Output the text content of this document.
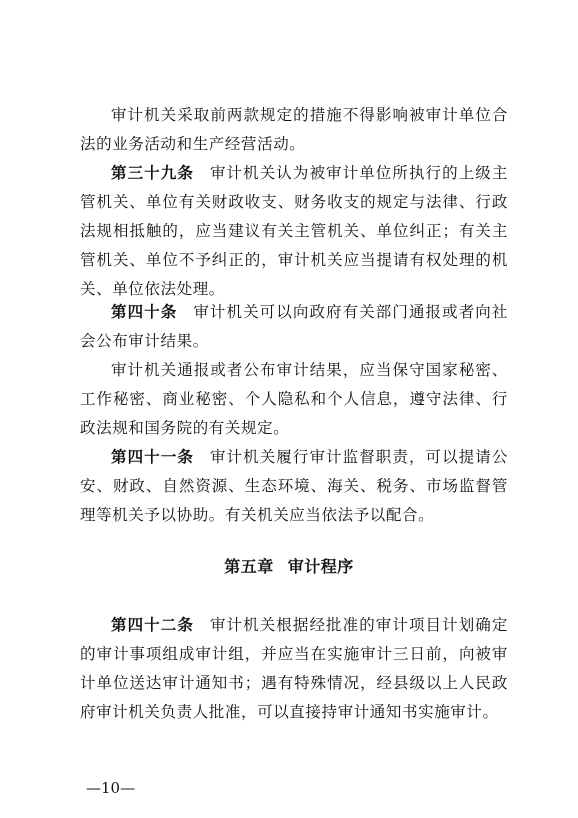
审计机关采取前两款规定的措施不得影响被审计单位合法的业务活动和生产经营活动。

第三十九条 审计机关认为被审计单位所执行的上级主管机关、单位有关财政收支、财务收支的规定与法律、行政法规相抵触的，应当建议有关主管机关、单位纠正；有关主管机关、单位不予纠正的，审计机关应当提请有权处理的机关、单位依法处理。

第四十条 审计机关可以向政府有关部门通报或者向社会公布审计结果。

审计机关通报或者公布审计结果，应当保守国家秘密、工作秘密、商业秘密、个人隐私和个人信息，遵守法律、行政法规和国务院的有关规定。

第四十一条 审计机关履行审计监督职责，可以提请公安、财政、自然资源、生态环境、海关、税务、市场监督管理等机关予以协助。有关机关应当依法予以配合。

第五章 审计程序

第四十二条 审计机关根据经批准的审计项目计划确定的审计事项组成审计组，并应当在实施审计三日前，向被审计单位送达审计通知书；遇有特殊情况，经县级以上人民政府审计机关负责人批准，可以直接持审计通知书实施审计。

—10—
